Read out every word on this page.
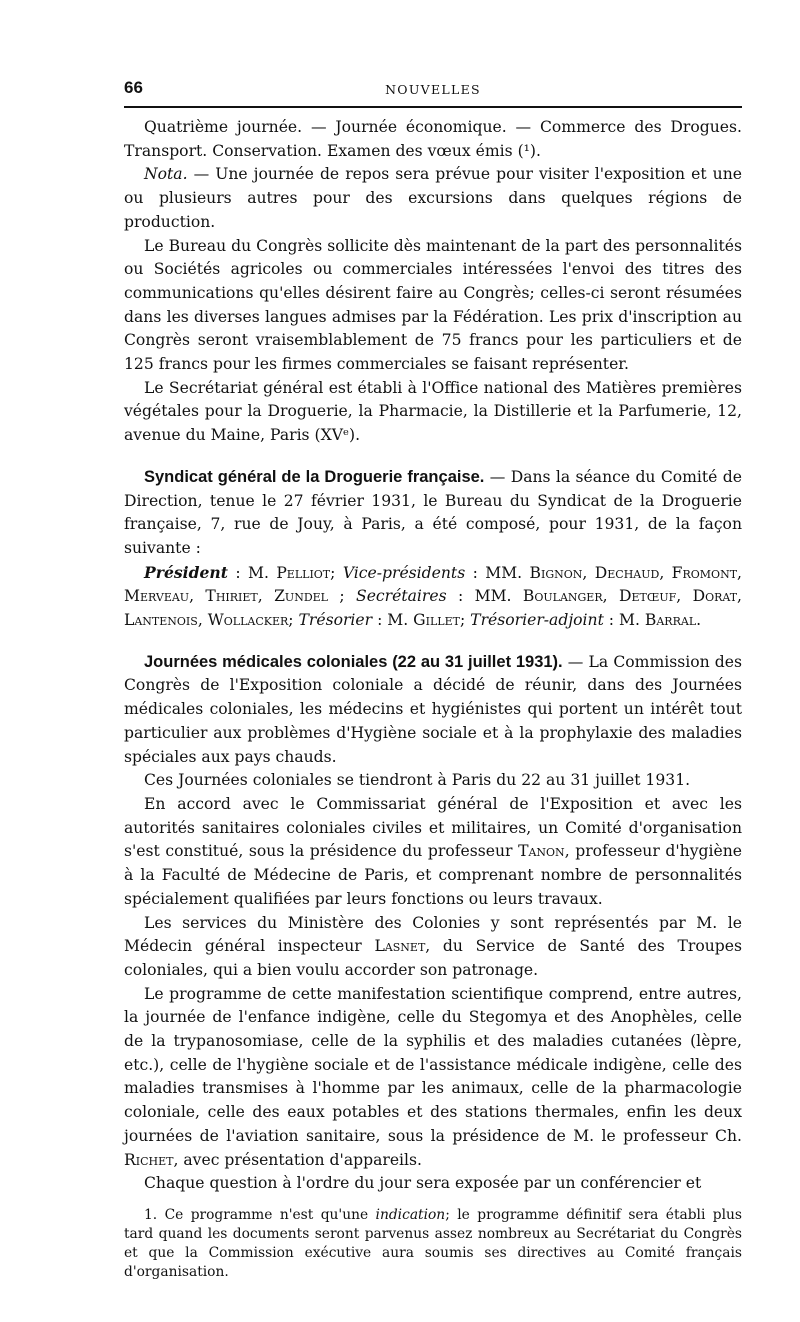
66	NOUVELLES

Quatrième journée. — Journée économique. — Commerce des Drogues. Transport. Conservation. Examen des vœux émis (¹).

Nota. — Une journée de repos sera prévue pour visiter l'exposition et une ou plusieurs autres pour des excursions dans quelques régions de production.

Le Bureau du Congrès sollicite dès maintenant de la part des personnalités ou Sociétés agricoles ou commerciales intéressées l'envoi des titres des communications qu'elles désirent faire au Congrès; celles-ci seront résumées dans les diverses langues admises par la Fédération. Les prix d'inscription au Congrès seront vraisemblablement de 75 francs pour les particuliers et de 125 francs pour les firmes commerciales se faisant représenter.

Le Secrétariat général est établi à l'Office national des Matières premières végétales pour la Droguerie, la Pharmacie, la Distillerie et la Parfumerie, 12, avenue du Maine, Paris (XVᵉ).

Syndicat général de la Droguerie française. — Dans la séance du Comité de Direction, tenue le 27 février 1931, le Bureau du Syndicat de la Droguerie française, 7, rue de Jouy, à Paris, a été composé, pour 1931, de la façon suivante :

Président : M. Pelliot; Vice-présidents : MM. Bignon, Dechaud, Fromont, Merveau, Thiriet, Zundel ; Secrétaires : MM. Boulanger, Detœuf, Dorat, Lantenois, Wollacker; Trésorier : M. Gillet; Trésorier-adjoint : M. Barral.

Journées médicales coloniales (22 au 31 juillet 1931). — La Commission des Congrès de l'Exposition coloniale a décidé de réunir, dans des Journées médicales coloniales, les médecins et hygiénistes qui portent un intérêt tout particulier aux problèmes d'Hygiène sociale et à la prophylaxie des maladies spéciales aux pays chauds.

Ces Journées coloniales se tiendront à Paris du 22 au 31 juillet 1931.

En accord avec le Commissariat général de l'Exposition et avec les autorités sanitaires coloniales civiles et militaires, un Comité d'organisation s'est constitué, sous la présidence du professeur Tanon, professeur d'hygiène à la Faculté de Médecine de Paris, et comprenant nombre de personnalités spécialement qualifiées par leurs fonctions ou leurs travaux.

Les services du Ministère des Colonies y sont représentés par M. le Médecin général inspecteur Lasnet, du Service de Santé des Troupes coloniales, qui a bien voulu accorder son patronage.

Le programme de cette manifestation scientifique comprend, entre autres, la journée de l'enfance indigène, celle du Stegomya et des Anophèles, celle de la trypanosomiase, celle de la syphilis et des maladies cutanées (lèpre, etc.), celle de l'hygiène sociale et de l'assistance médicale indigène, celle des maladies transmises à l'homme par les animaux, celle de la pharmacologie coloniale, celle des eaux potables et des stations thermales, enfin les deux journées de l'aviation sanitaire, sous la présidence de M. le professeur Ch. Richet, avec présentation d'appareils.

Chaque question à l'ordre du jour sera exposée par un conférencier et

1. Ce programme n'est qu'une indication; le programme définitif sera établi plus tard quand les documents seront parvenus assez nombreux au Secrétariat du Congrès et que la Commission exécutive aura soumis ses directives au Comité français d'organisation.
